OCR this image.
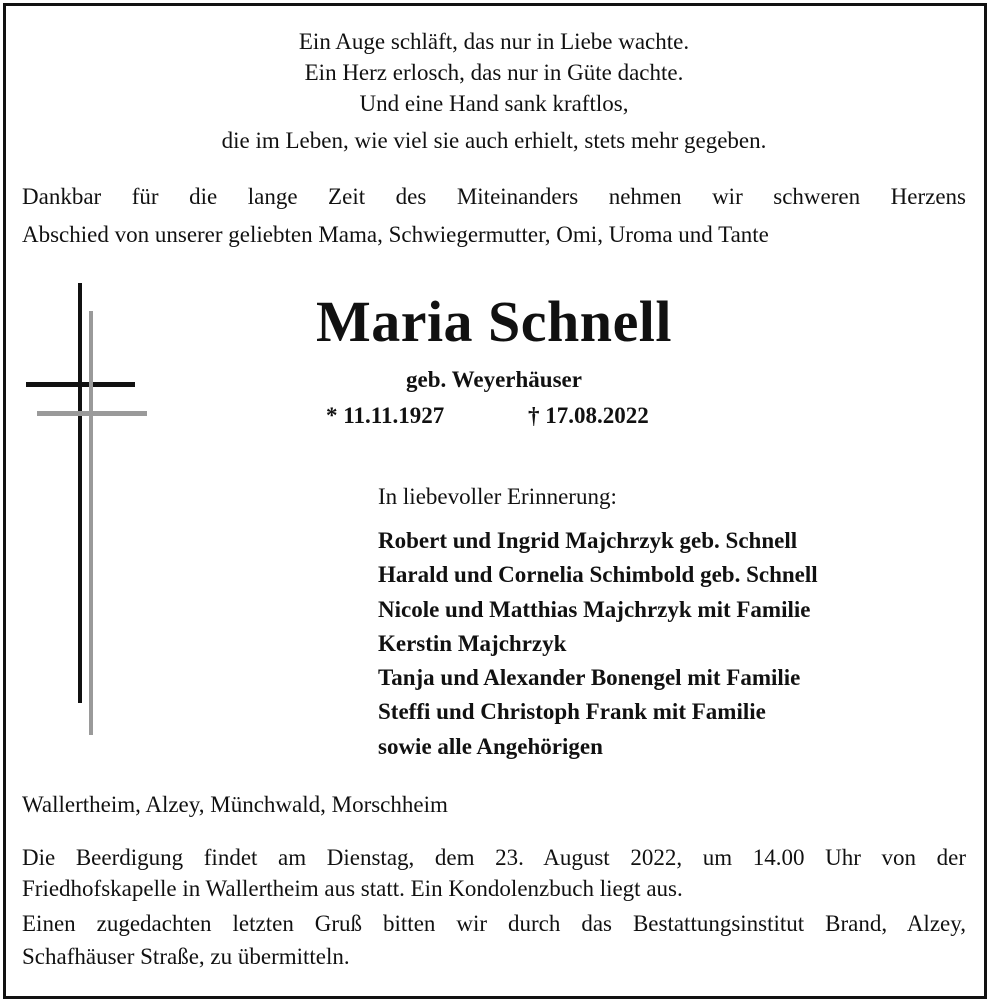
Ein Auge schläft, das nur in Liebe wachte.
Ein Herz erlosch, das nur in Güte dachte.
Und eine Hand sank kraftlos,
die im Leben, wie viel sie auch erhielt, stets mehr gegeben.
Dankbar für die lange Zeit des Miteinanders nehmen wir schweren Herzens
Abschied von unserer geliebten Mama, Schwiegermutter, Omi, Uroma und Tante
Maria Schnell
geb. Weyerhäuser
* 11.11.1927	† 17.08.2022
In liebevoller Erinnerung:
Robert und Ingrid Majchrzyk geb. Schnell
Harald und Cornelia Schimbold geb. Schnell
Nicole und Matthias Majchrzyk mit Familie
Kerstin Majchrzyk
Tanja und Alexander Bonengel mit Familie
Steffi und Christoph Frank mit Familie
sowie alle Angehörigen
Wallertheim, Alzey, Münchwald, Morschheim
Die Beerdigung findet am Dienstag, dem 23. August 2022, um 14.00 Uhr von der
Friedhofskapelle in Wallertheim aus statt. Ein Kondolenzbuch liegt aus.
Einen zugedachten letzten Gruß bitten wir durch das Bestattungsinstitut Brand, Alzey,
Schafhäuser Straße, zu übermitteln.
